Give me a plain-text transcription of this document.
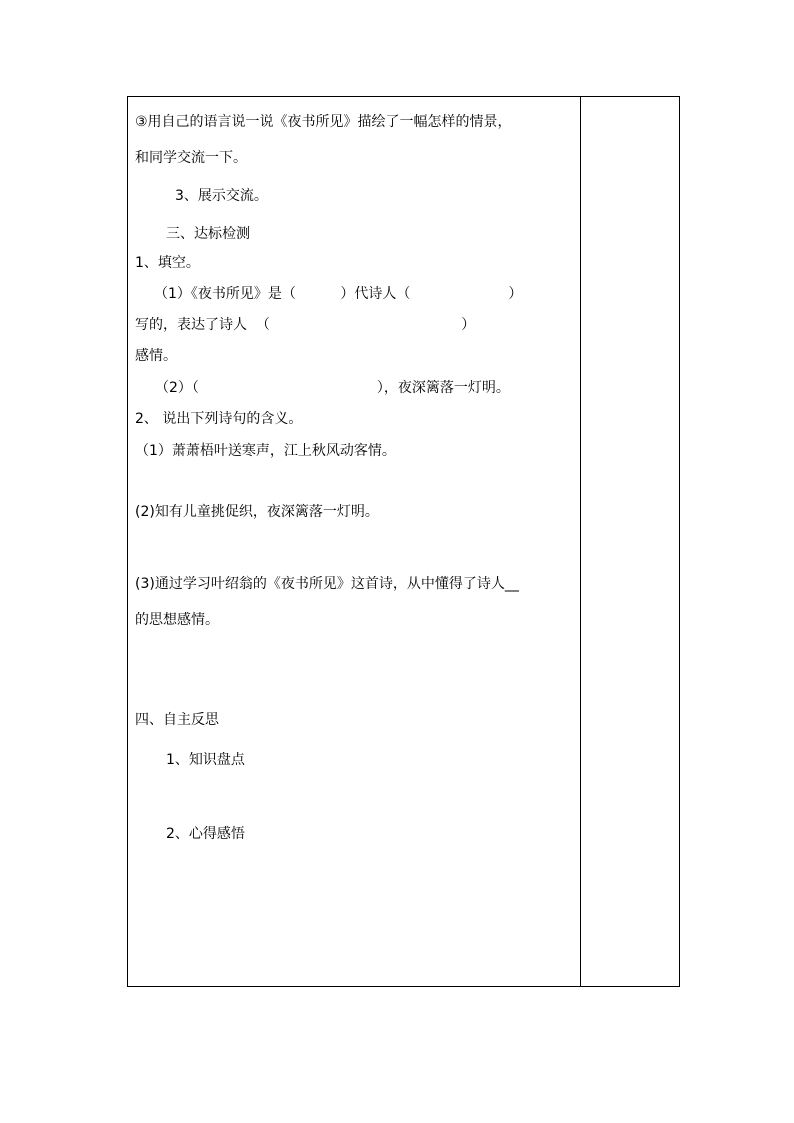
③用自己的语言说一说《夜书所见》描绘了一幅怎样的情景，
和同学交流一下。
3、展示交流。
三、达标检测
1、填空。
（1）《夜书所见》是（          ）代诗人（                      ）
写的，表达了诗人  （                                           ）
感情。
（2）（                                        ），夜深篱落一灯明。
2、 说出下列诗句的含义。
（1）萧萧梧叶送寒声，江上秋风动客情。
(2)知有儿童挑促织，夜深篱落一灯明。
(3)通过学习叶绍翁的《夜书所见》这首诗，从中懂得了诗人__
的思想感情。
四、自主反思
1、知识盘点
2、心得感悟
